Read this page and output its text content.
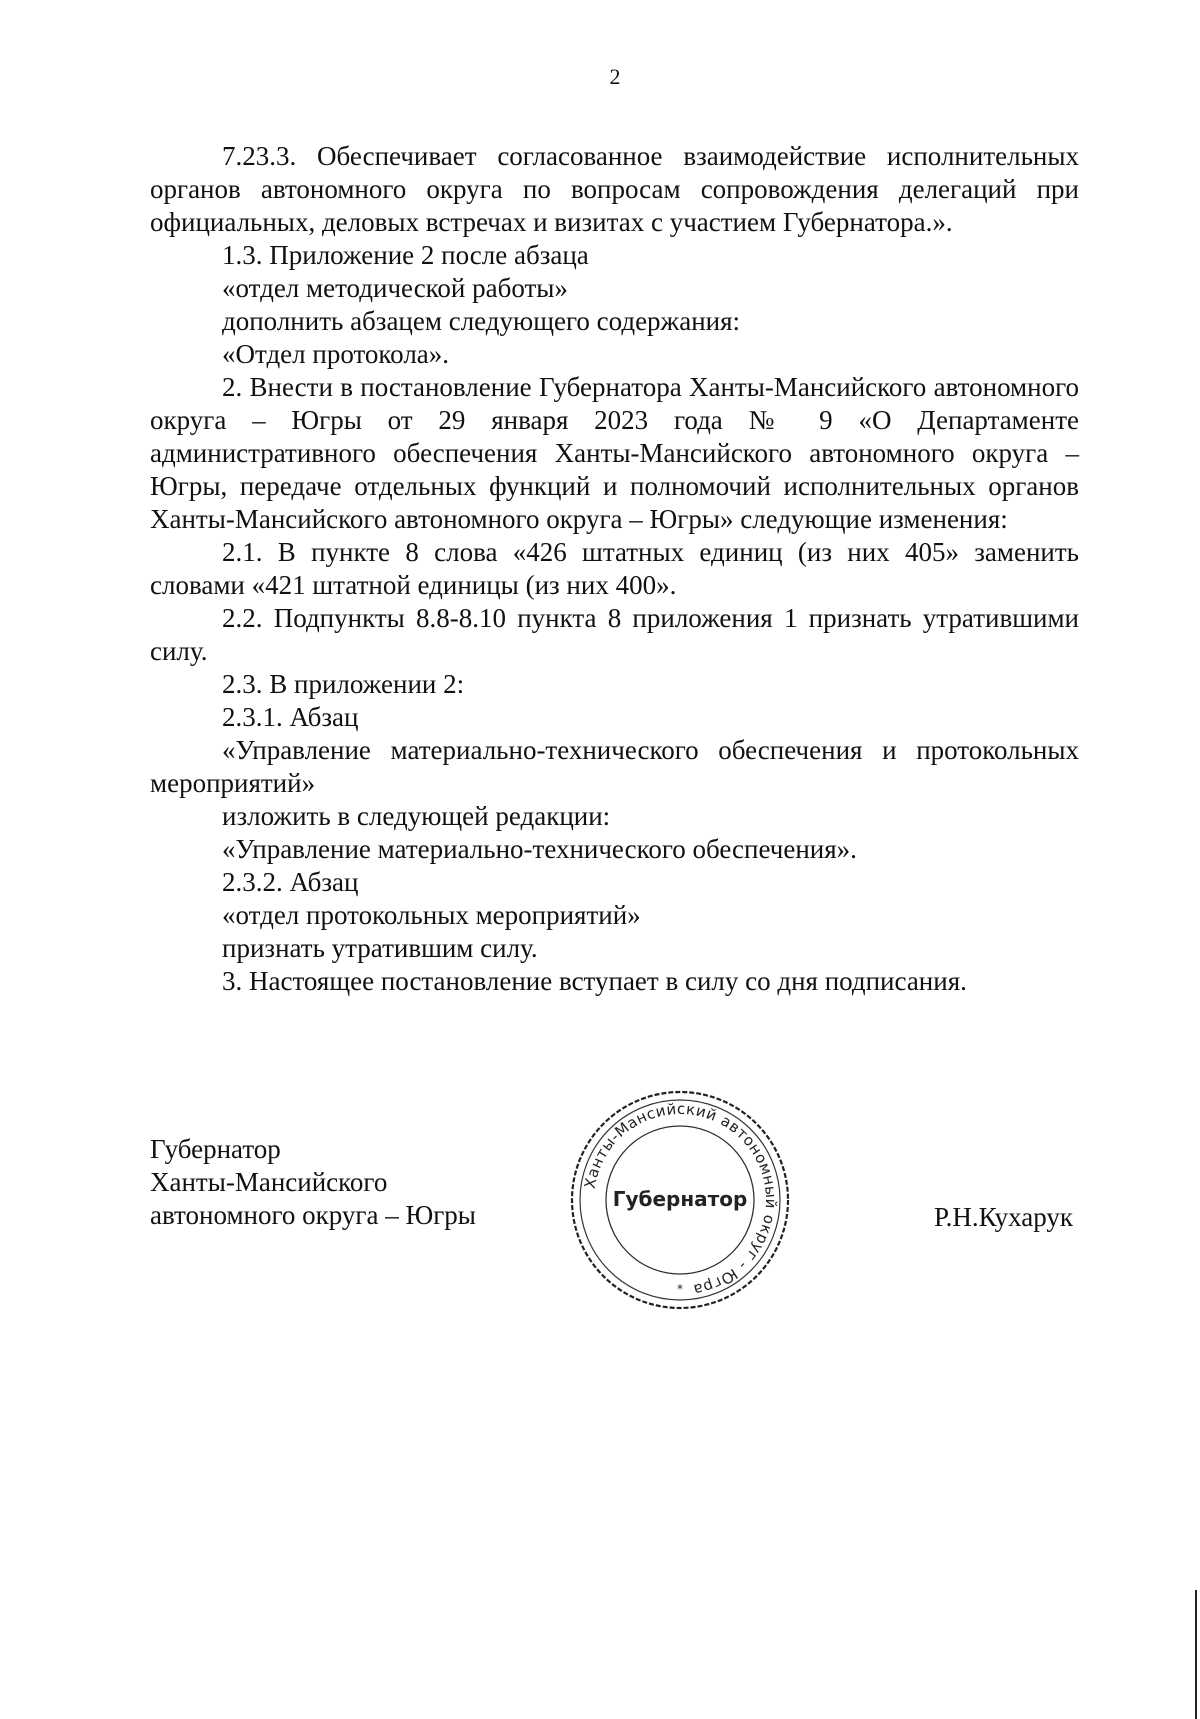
2

7.23.3. Обеспечивает согласованное взаимодействие исполнительных органов автономного округа по вопросам сопровождения делегаций при официальных, деловых встречах и визитах с участием Губернатора.».

1.3. Приложение 2 после абзаца

«отдел методической работы»

дополнить абзацем следующего содержания:

«Отдел протокола».

2. Внести в постановление Губернатора Ханты-Мансийского автономного округа – Югры от 29 января 2023 года № 9 «О Департаменте административного обеспечения Ханты-Мансийского автономного округа – Югры, передаче отдельных функций и полномочий исполнительных органов Ханты-Мансийского автономного округа – Югры» следующие изменения:

2.1. В пункте 8 слова «426 штатных единиц (из них 405» заменить словами «421 штатной единицы (из них 400».

2.2. Подпункты 8.8-8.10 пункта 8 приложения 1 признать утратившими силу.

2.3. В приложении 2:

2.3.1. Абзац

«Управление материально-технического обеспечения и протокольных мероприятий»

изложить в следующей редакции:

«Управление материально-технического обеспечения».

2.3.2. Абзац

«отдел протокольных мероприятий»

признать утратившим силу.

3. Настоящее постановление вступает в силу со дня подписания.

Губернатор
Ханты-Мансийского
автономного округа – Югры
Ханты-Мансийский автономный округ - Югра
Губернатор
*
Р.Н.Кухарук
